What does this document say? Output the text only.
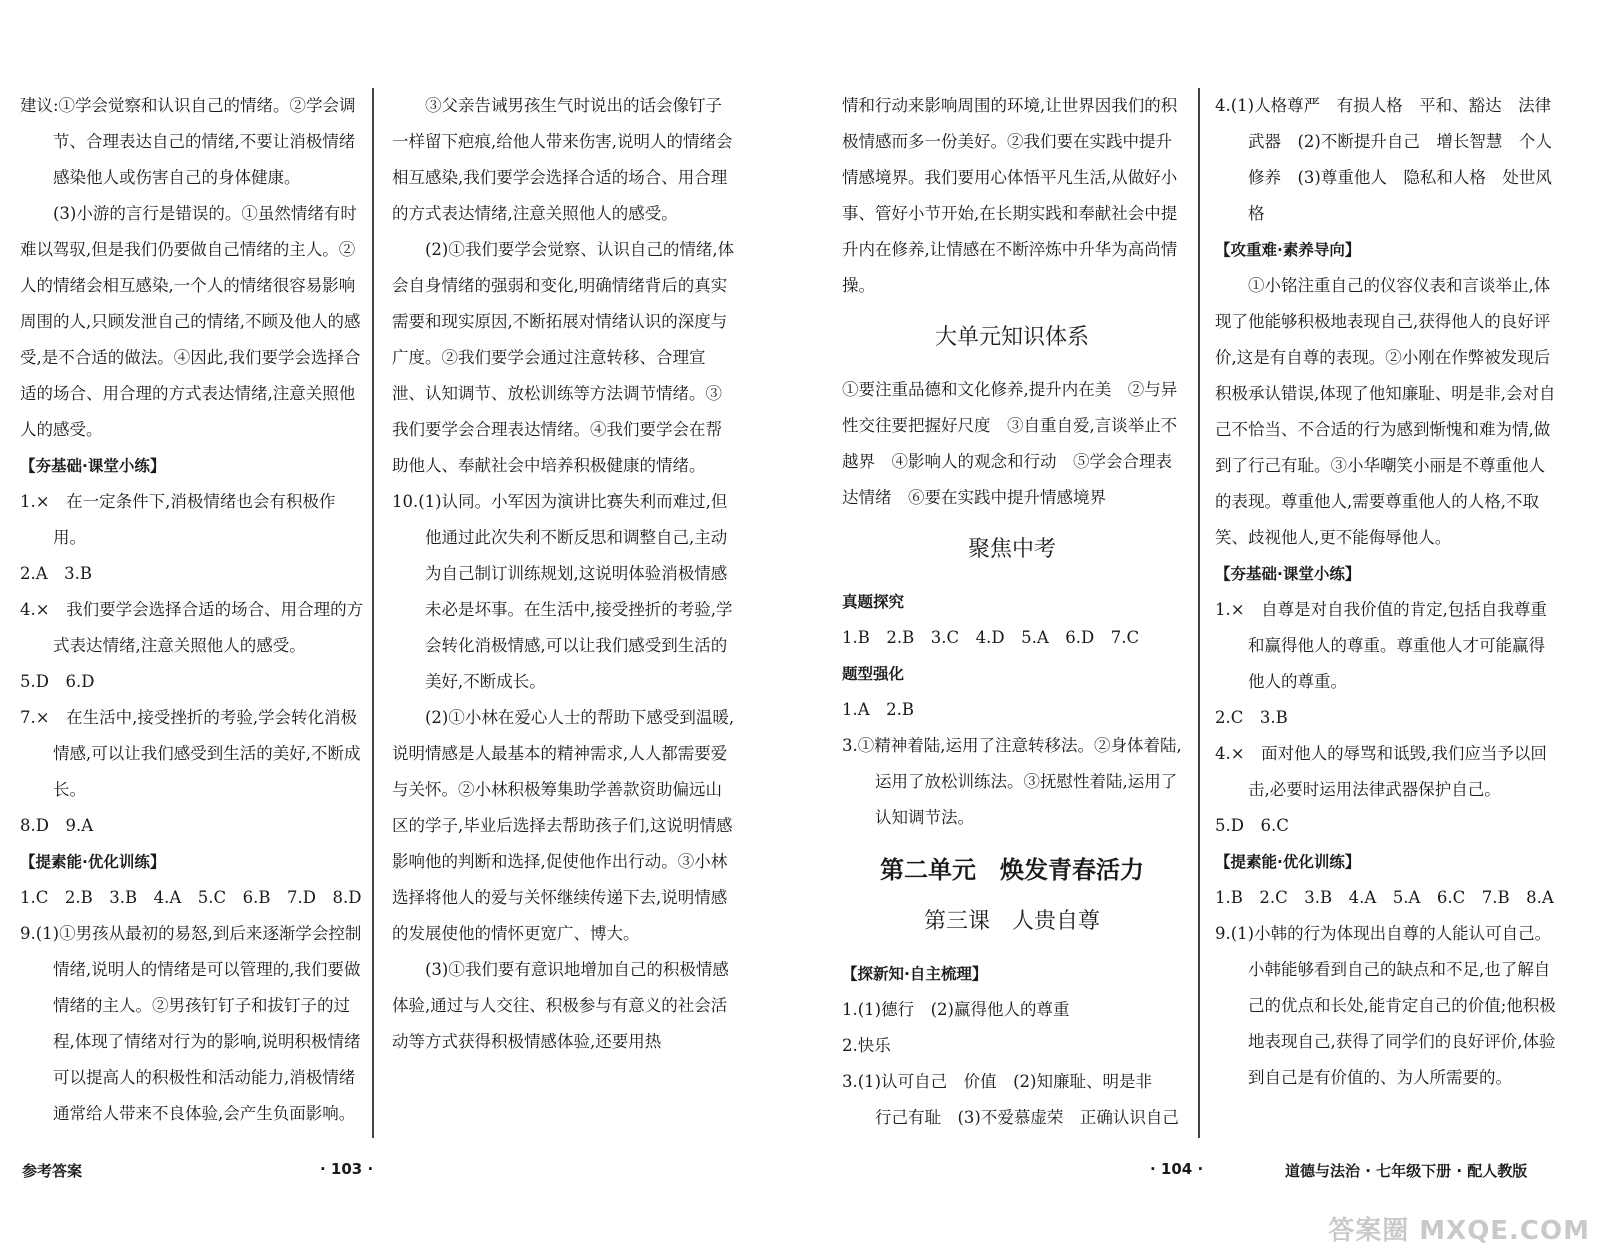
建议:①学会觉察和认识自己的情绪。②学会调节、合理表达自己的情绪,不要让消极情绪感染他人或伤害自己的身体健康。

(3)小游的言行是错误的。①虽然情绪有时难以驾驭,但是我们仍要做自己情绪的主人。②人的情绪会相互感染,一个人的情绪很容易影响周围的人,只顾发泄自己的情绪,不顾及他人的感受,是不合适的做法。④因此,我们要学会选择合适的场合、用合理的方式表达情绪,注意关照他人的感受。

【夯基础·课堂小练】

1.×　在一定条件下,消极情绪也会有积极作用。

2.A　3.B

4.×　我们要学会选择合适的场合、用合理的方式表达情绪,注意关照他人的感受。

5.D　6.D

7.×　在生活中,接受挫折的考验,学会转化消极情感,可以让我们感受到生活的美好,不断成长。

8.D　9.A

【提素能·优化训练】

1.C　2.B　3.B　4.A　5.C　6.B　7.D　8.D

9.(1)①男孩从最初的易怒,到后来逐渐学会控制情绪,说明人的情绪是可以管理的,我们要做情绪的主人。②男孩钉钉子和拔钉子的过程,体现了情绪对行为的影响,说明积极情绪可以提高人的积极性和活动能力,消极情绪通常给人带来不良体验,会产生负面影响。

③父亲告诫男孩生气时说出的话会像钉子一样留下疤痕,给他人带来伤害,说明人的情绪会相互感染,我们要学会选择合适的场合、用合理的方式表达情绪,注意关照他人的感受。

(2)①我们要学会觉察、认识自己的情绪,体会自身情绪的强弱和变化,明确情绪背后的真实需要和现实原因,不断拓展对情绪认识的深度与广度。②我们要学会通过注意转移、合理宣泄、认知调节、放松训练等方法调节情绪。③我们要学会合理表达情绪。④我们要学会在帮助他人、奉献社会中培养积极健康的情绪。

10.(1)认同。小军因为演讲比赛失利而难过,但他通过此次失利不断反思和调整自己,主动为自己制订训练规划,这说明体验消极情感未必是坏事。在生活中,接受挫折的考验,学会转化消极情感,可以让我们感受到生活的美好,不断成长。

(2)①小林在爱心人士的帮助下感受到温暖,说明情感是人最基本的精神需求,人人都需要爱与关怀。②小林积极筹集助学善款资助偏远山区的学子,毕业后选择去帮助孩子们,这说明情感影响他的判断和选择,促使他作出行动。③小林选择将他人的爱与关怀继续传递下去,说明情感的发展使他的情怀更宽广、博大。

(3)①我们要有意识地增加自己的积极情感体验,通过与人交往、积极参与有意义的社会活动等方式获得积极情感体验,还要用热

情和行动来影响周围的环境,让世界因我们的积极情感而多一份美好。②我们要在实践中提升情感境界。我们要用心体悟平凡生活,从做好小事、管好小节开始,在长期实践和奉献社会中提升内在修养,让情感在不断淬炼中升华为高尚情操。

大单元知识体系

①要注重品德和文化修养,提升内在美　②与异性交往要把握好尺度　③自重自爱,言谈举止不越界　④影响人的观念和行动　⑤学会合理表达情绪　⑥要在实践中提升情感境界

聚焦中考

真题探究

1.B　2.B　3.C　4.D　5.A　6.D　7.C

题型强化

1.A　2.B

3.①精神着陆,运用了注意转移法。②身体着陆,运用了放松训练法。③抚慰性着陆,运用了认知调节法。

第二单元　焕发青春活力

第三课　人贵自尊

【探新知·自主梳理】

1.(1)德行　(2)赢得他人的尊重

2.快乐

3.(1)认可自己　价值　(2)知廉耻、明是非　行己有耻　(3)不爱慕虚荣　正确认识自己

4.(1)人格尊严　有损人格　平和、豁达　法律武器　(2)不断提升自己　增长智慧　个人修养　(3)尊重他人　隐私和人格　处世风格

【攻重难·素养导向】

①小铭注重自己的仪容仪表和言谈举止,体现了他能够积极地表现自己,获得他人的良好评价,这是有自尊的表现。②小刚在作弊被发现后积极承认错误,体现了他知廉耻、明是非,会对自己不恰当、不合适的行为感到惭愧和难为情,做到了行己有耻。③小华嘲笑小丽是不尊重他人的表现。尊重他人,需要尊重他人的人格,不取笑、歧视他人,更不能侮辱他人。

【夯基础·课堂小练】

1.×　自尊是对自我价值的肯定,包括自我尊重和赢得他人的尊重。尊重他人才可能赢得他人的尊重。

2.C　3.B

4.×　面对他人的辱骂和诋毁,我们应当予以回击,必要时运用法律武器保护自己。

5.D　6.C

【提素能·优化训练】

1.B　2.C　3.B　4.A　5.A　6.C　7.B　8.A

9.(1)小韩的行为体现出自尊的人能认可自己。小韩能够看到自己的缺点和不足,也了解自己的优点和长处,能肯定自己的价值;他积极地表现自己,获得了同学们的良好评价,体验到自己是有价值的、为人所需要的。

参考答案	· 103 ·	· 104 ·	道德与法治 · 七年级下册 · 配人教版
答案圈 MXQE.COM
